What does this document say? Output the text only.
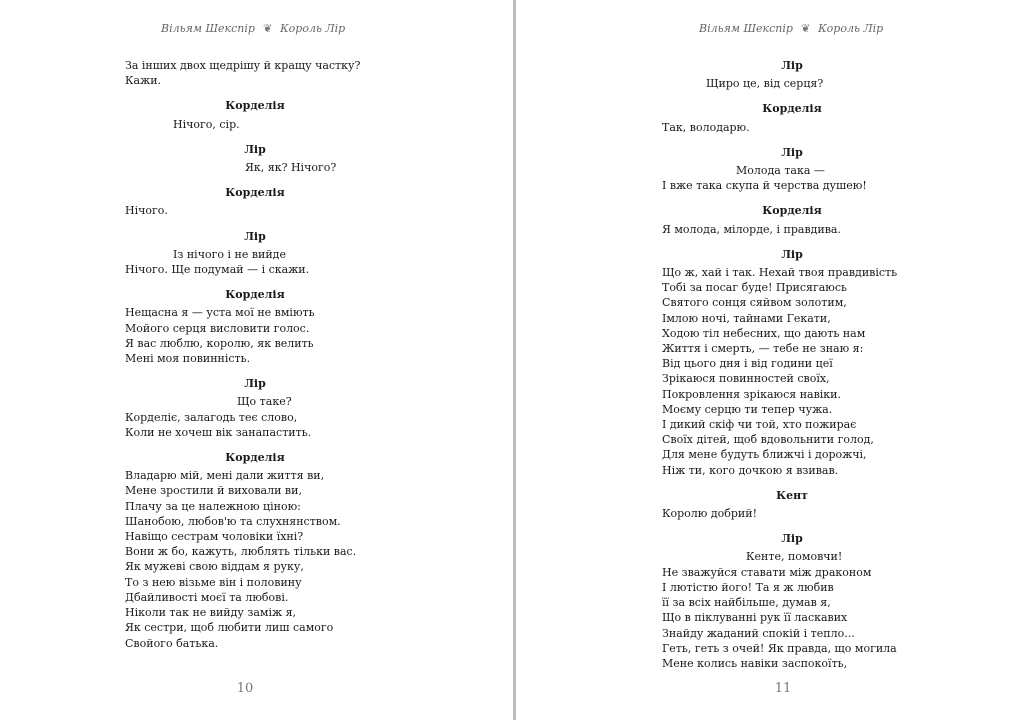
Вільям Шекспір ❦ Король Лір
За інших двох щедрішу й кращу частку?
Кажи.
Корделія
Нічого, сір.
Лір
Як, як? Нічого?
Корделія
Нічого.
Лір
Із нічого і не вийде
Нічого. Ще подумай — і скажи.
Корделія
Нещасна я — уста мої не вміють
Мойого серця висловити голос.
Я вас люблю, королю, як велить
Мені моя повинність.
Лір
Що таке?
Корделіє, залагодь теє слово,
Коли не хочеш вік занапастить.
Корделія
Владарю мій, мені дали життя ви,
Мене зростили й виховали ви,
Плачу за це належною ціною:
Шанобою, любов'ю та слухнянством.
Навіщо сестрам чоловіки їхні?
Вони ж бо, кажуть, люблять тільки вас.
Як мужеві свою віддам я руку,
То з нею візьме він і половину
Дбайливості моєї та любові.
Ніколи так не вийду заміж я,
Як сестри, щоб любити лиш самого
Свойого батька.
10
Вільям Шекспір ❦ Король Лір
Лір
Щиро це, від серця?
Корделія
Так, володарю.
Лір
Молода така —
І вже така скупа й черства душею!
Корделія
Я молода, мілорде, і правдива.
Лір
Що ж, хай і так. Нехай твоя правдивість
Тобі за посаг буде! Присягаюсь
Святого сонця сяйвом золотим,
Імлою ночі, тайнами Гекати,
Ходою тіл небесних, що дають нам
Життя і смерть, — тебе не знаю я:
Від цього дня і від години цеї
Зрікаюся повинностей своїх,
Покровлення зрікаюся навіки.
Моєму серцю ти тепер чужа.
І дикий скіф чи той, хто пожирає
Своїх дітей, щоб вдовольнити голод,
Для мене будуть ближчі і дорожчі,
Ніж ти, кого дочкою я взивав.
Кент
Королю добрий!
Лір
Кенте, помовчи!
Не зважуйся ставати між драконом
І лютістю його! Та я ж любив
її за всіх найбільше, думав я,
Що в піклуванні рук її ласкавих
Знайду жаданий спокій і тепло...
Геть, геть з очей! Як правда, що могила
Мене колись навіки заспокоїть,
11
